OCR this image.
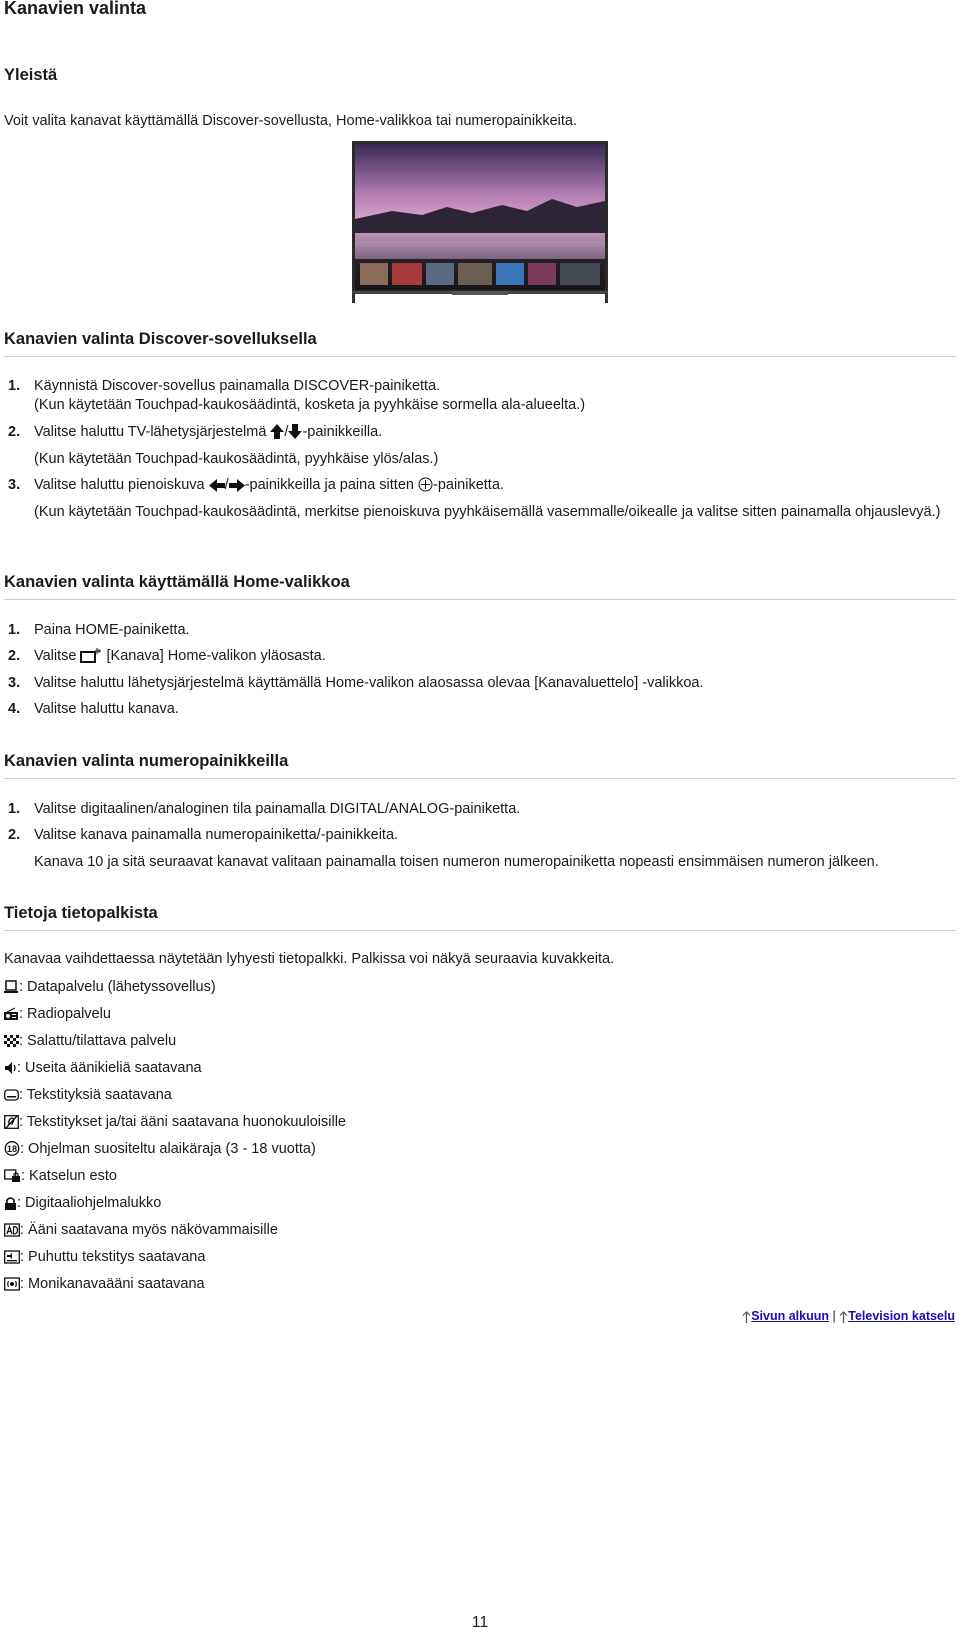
Kanavien valinta
Yleistä

Voit valita kanavat käyttämällä Discover-sovellusta, Home-valikkoa tai numeropainikkeita.

Kanavien valinta Discover-sovelluksella
1. Käynnistä Discover-sovellus painamalla DISCOVER-painiketta.

(Kun käytetään Touchpad-kaukosäädintä, kosketa ja pyyhkäise sormella ala-alueelta.)

2. Valitse haluttu TV-lähetysjärjestelmä / -painikkeilla.

(Kun käytetään Touchpad-kaukosäädintä, pyyhkäise ylös/alas.)

3. Valitse haluttu pienoiskuva / -painikkeilla ja paina sitten -painiketta.

(Kun käytetään Touchpad-kaukosäädintä, merkitse pienoiskuva pyyhkäisemällä vasemmalle/oikealle ja valitse sitten painamalla ohjauslevyä.)

Kanavien valinta käyttämällä Home-valikkoa
1. Paina HOME-painiketta.
2. Valitse  [Kanava] Home-valikon yläosasta.
3. Valitse haluttu lähetysjärjestelmä käyttämällä Home-valikon alaosassa olevaa [Kanavaluettelo] -valikkoa.
4. Valitse haluttu kanava.
Kanavien valinta numeropainikkeilla
1. Valitse digitaalinen/analoginen tila painamalla DIGITAL/ANALOG-painiketta.
2. Valitse kanava painamalla numeropainiketta/-painikkeita.

Kanava 10 ja sitä seuraavat kanavat valitaan painamalla toisen numeron numeropainiketta nopeasti ensimmäisen numeron jälkeen.

Tietoja tietopalkista

Kanavaa vaihdettaessa näytetään lyhyesti tietopalkki. Palkissa voi näkyä seuraavia kuvakkeita.

: Datapalvelu (lähetyssovellus)
: Radiopalvelu
: Salattu/tilattava palvelu
: Useita äänikieliä saatavana
: Tekstityksiä saatavana
: Tekstitykset ja/tai ääni saatavana huonokuuloisille
18 : Ohjelman suositeltu alaikäraja (3 - 18 vuotta)
: Katselun esto
: Digitaaliohjelmalukko
: Ääni saatavana myös näkövammaisille
: Puhuttu tekstitys saatavana
: Monikanavaääni saatavana
Sivun alkuun | Television katselu
11
